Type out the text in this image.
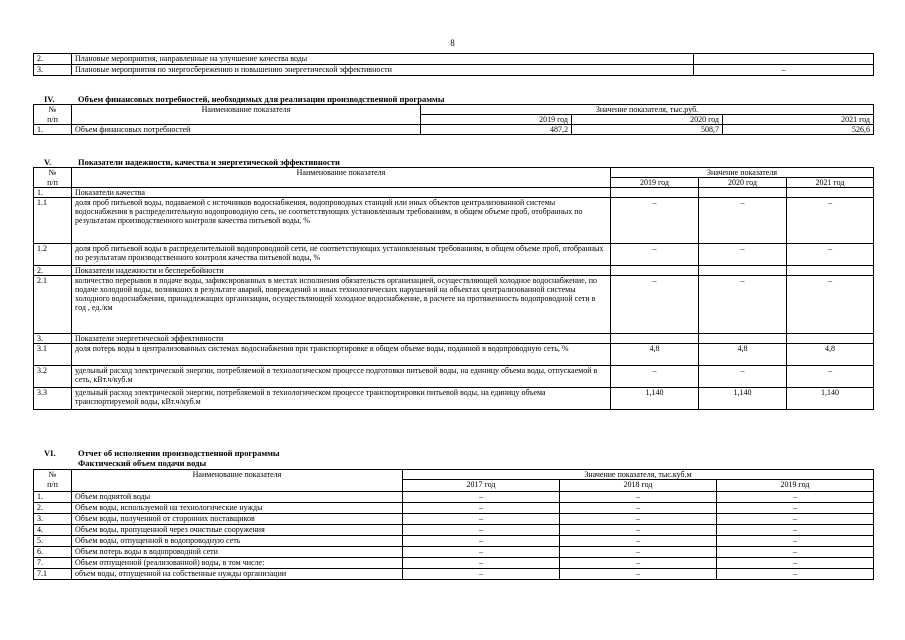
8
2.	Плановые мероприятия, направленные на улучшение качества воды	
3.	Плановые мероприятия по энергосбережению и повышению энергетической эффективности	–
IV.	Объем финансовых потребностей, необходимых для реализации производственной программы
№	Наименование показателя	Значение показателя, тыс.руб.		
п/п		2019 год	2020 год	2021 год
1.	Объем финансовых потребностей	487,2	508,7	526,6
V.	Показатели надежности, качества и энергетической эффективности
№	Наименование показателя	Значение показателя		
п/п		2019 год	2020 год	2021 год
1.	Показатели качества			
1.1	доля проб питьевой воды, подаваемой с источников водоснабжения, водопроводных станций или иных объектов централизованной системы водоснабжения в распределительную водопроводную сеть, не соответствующих установленным требованиям, в общем объеме проб, отобранных по результатам производственного контроля качества питьевой воды, %	–	–	–
1.2	доля проб питьевой воды в распределительной водопроводной сети, не соответствующих установленным требованиям, в общем объеме проб, отобранных по результатам производственного контроля качества питьевой воды, %	–	–	–
2.	Показатели надежности и бесперебойности			
2.1	количество перерывов в подаче воды, зафиксированных в местах исполнения обязательств организацией, осуществляющей холодное водоснабжение, по подаче холодной воды, возникших в результате аварий, повреждений и иных технологических нарушений на объектах централизованной системы холодного водоснабжения, принадлежащих организации, осуществляющей холодное водоснабжение, в расчете на протяженность водопроводной сети в год , ед./км	–	–	–
3.	Показатели энергетической эффективности			
3.1	доля потерь воды в централизованных системах водоснабжения при транспортировке в общем объеме воды, поданной в водопроводную сеть, %	4,8	4,8	4,8
3.2	удельный расход электрической энергии, потребляемой в технологическом процессе подготовки питьевой воды, на единицу объема воды, отпускаемой в сеть, кВт.ч/куб.м	–	–	–
3.3	удельный расход электрической энергии, потребляемой в технологическом процессе транспортировки питьевой воды, на единицу объема транспортируемой воды, кВт.ч/куб.м	1,140	1,140	1,140
VI.	Отчет об исполнении производственной программы
Фактический объем подачи воды
№	Наименование показателя	Значение показателя, тыс.куб.м		
п/п		2017 год	2018 год	2019 год
1.	Объем поднятой воды	–	–	–
2.	Объем воды, используемой на технологические нужды	–	–	–
3.	Объем воды, полученной от сторонних поставщиков	–	–	–
4.	Объем воды, пропущенной через очистные сооружения	–	–	–
5.	Объем воды, отпущенной в водопроводную сеть	–	–	–
6.	Объем потерь воды в водопроводной сети	–	–	–
7.	Объем отпущенной (реализованной) воды, в том числе:	–	–	–
7.1	объем воды, отпущенной на собственные нужды организации	–	–	–
